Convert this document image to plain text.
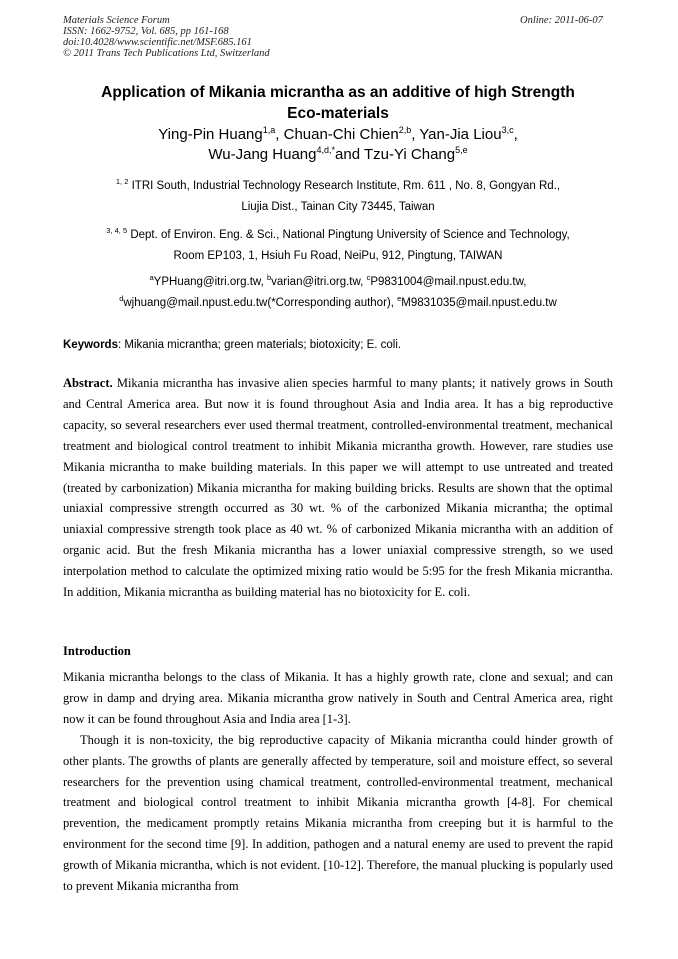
Materials Science Forum
ISSN: 1662-9752, Vol. 685, pp 161-168
doi:10.4028/www.scientific.net/MSF.685.161
© 2011 Trans Tech Publications Ltd, Switzerland
Online: 2011-06-07
Application of Mikania micrantha as an additive of high Strength
Eco-materials
Ying-Pin Huang$^{1,a}$, Chuan-Chi Chien$^{2,b}$, Yan-Jia Liou$^{3,c}$,
Wu-Jang Huang$^{4,d,*}$and Tzu-Yi Chang$^{5,e}$
$^{1, 2}$ ITRI South, Industrial Technology Research Institute, Rm. 611 , No. 8, Gongyan Rd.,
Liujia Dist., Tainan City 73445, Taiwan
$^{3, 4, 5}$ Dept. of Environ. Eng. & Sci., National Pingtung University of Science and Technology,
Room EP103, 1, Hsiuh Fu Road, NeiPu, 912, Pingtung, TAIWAN
$^a$YPHuang@itri.org.tw, $^b$varian@itri.org.tw, $^c$P9831004@mail.npust.edu.tw,
$^d$wjhuang@mail.npust.edu.tw(*Corresponding author), $^e$M9831035@mail.npust.edu.tw
Keywords: Mikania micrantha; green materials; biotoxicity; E. coli.

Abstract. Mikania micrantha has invasive alien species harmful to many plants; it natively grows in South and Central America area. But now it is found throughout Asia and India area. It has a big reproductive capacity, so several researchers ever used thermal treatment, controlled-environmental treatment, mechanical treatment and biological control treatment to inhibit Mikania micrantha growth. However, rare studies use Mikania micrantha to make building materials. In this paper we will attempt to use untreated and treated (treated by carbonization) Mikania micrantha for making building bricks. Results are shown that the optimal uniaxial compressive strength occurred as 30 wt. % of the carbonized Mikania micrantha; the optimal uniaxial compressive strength took place as 40 wt. % of carbonized Mikania micrantha with an addition of organic acid. But the fresh Mikania micrantha has a lower uniaxial compressive strength, so we used interpolation method to calculate the optimized mixing ratio would be 5:95 for the fresh Mikania micrantha. In addition, Mikania micrantha as building material has no biotoxicity for E. coli.

Introduction

Mikania micrantha belongs to the class of Mikania. It has a highly growth rate, clone and sexual; and can grow in damp and drying area. Mikania micrantha grow natively in South and Central America area, right now it can be found throughout Asia and India area [1-3].

Though it is non-toxicity, the big reproductive capacity of Mikania micrantha could hinder growth of other plants. The growths of plants are generally affected by temperature, soil and moisture effect, so several researchers for the prevention using chamical treatment, controlled-environmental treatment, mechanical treatment and biological control treatment to inhibit Mikania micrantha growth [4-8]. For chemical prevention, the medicament promptly retains Mikania micrantha from creeping but it is harmful to the environment for the second time [9]. In addition, pathogen and a natural enemy are used to prevent the rapid growth of Mikania micrantha, which is not evident. [10-12]. Therefore, the manual plucking is popularly used to prevent Mikania micrantha from
